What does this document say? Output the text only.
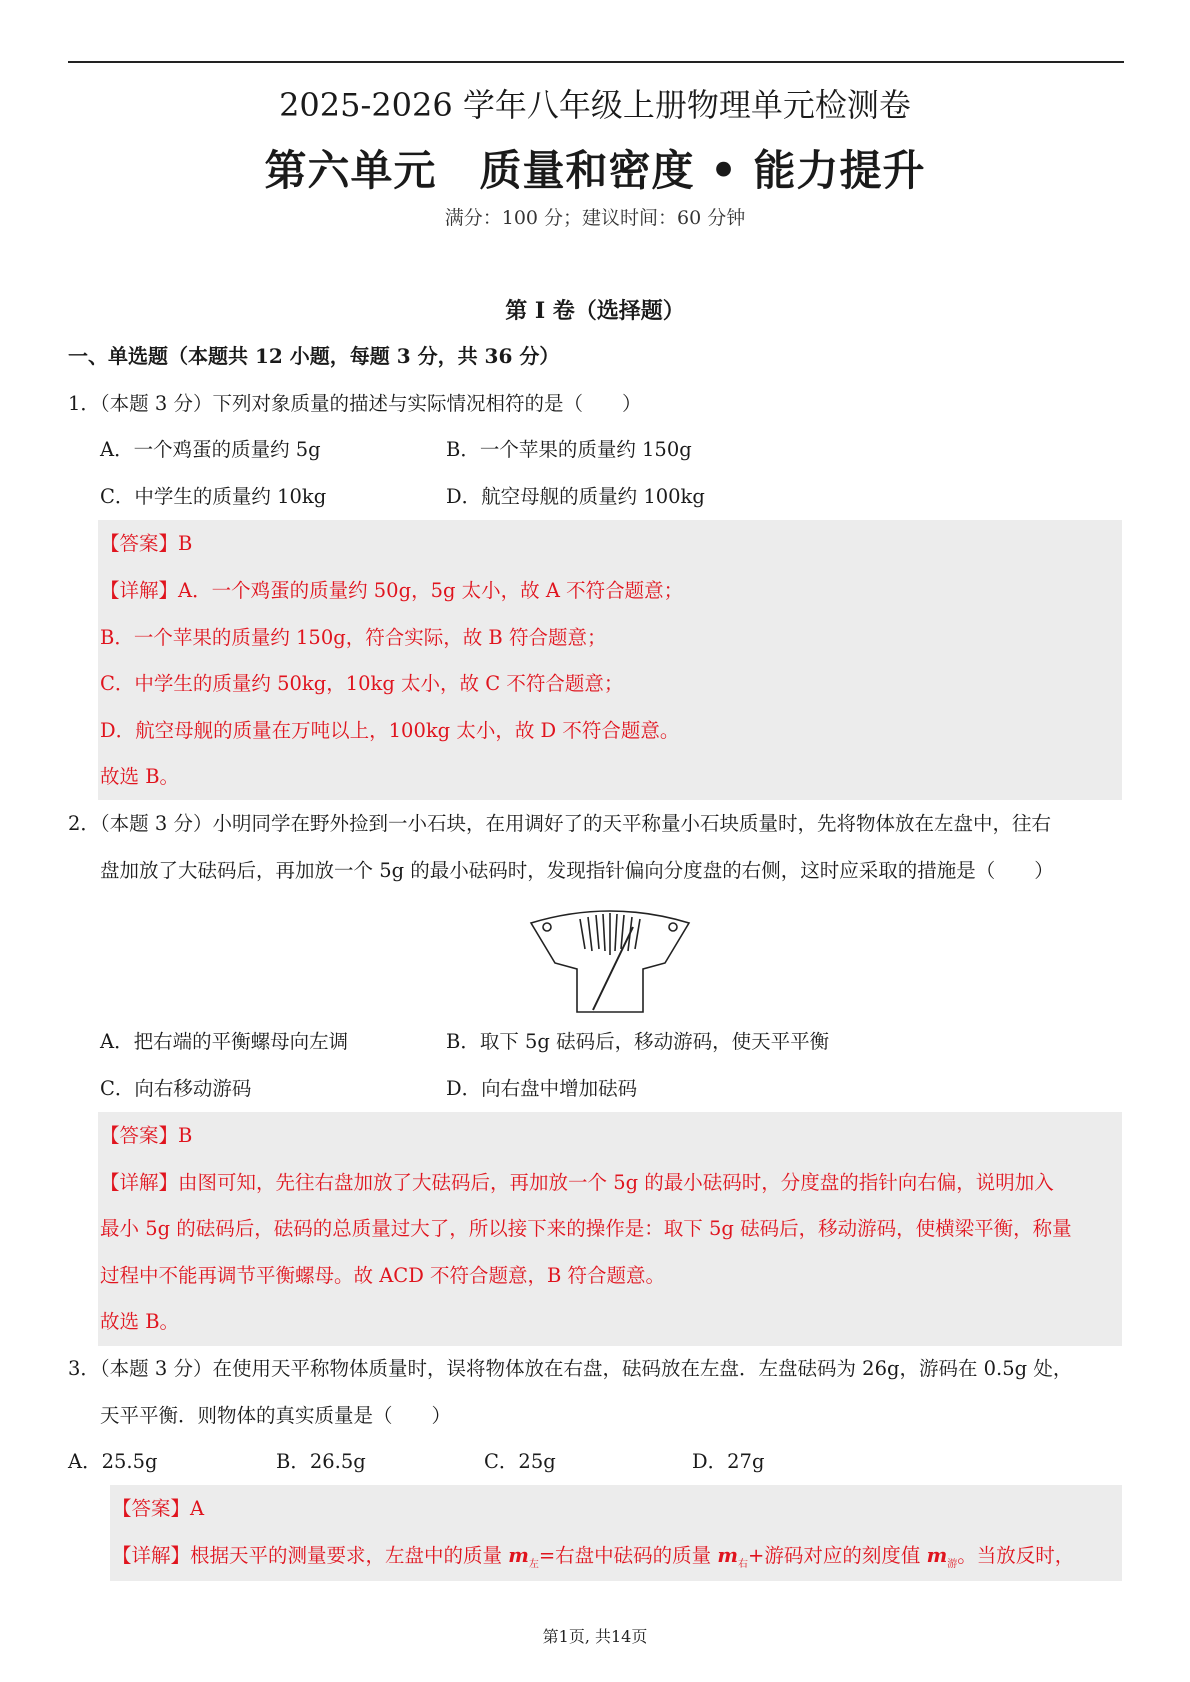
2025-2026 学年八年级上册物理单元检测卷
第六单元　质量和密度 • 能力提升
满分：100 分；建议时间：60 分钟
第 I 卷（选择题）
一、单选题（本题共 12 小题，每题 3 分，共 36 分）
1．（本题 3 分）下列对象质量的描述与实际情况相符的是（　　）
A．一个鸡蛋的质量约 5g	B．一个苹果的质量约 150g
C．中学生的质量约 10kg	D．航空母舰的质量约 100kg
【答案】B
【详解】A．一个鸡蛋的质量约 50g，5g 太小，故 A 不符合题意；
B．一个苹果的质量约 150g，符合实际，故 B 符合题意；
C．中学生的质量约 50kg，10kg 太小，故 C 不符合题意；
D．航空母舰的质量在万吨以上，100kg 太小，故 D 不符合题意。
故选 B。
2．（本题 3 分）小明同学在野外捡到一小石块，在用调好了的天平称量小石块质量时，先将物体放在左盘中，往右
盘加放了大砝码后，再加放一个 5g 的最小砝码时，发现指针偏向分度盘的右侧，这时应采取的措施是（　　）
A．把右端的平衡螺母向左调	B．取下 5g 砝码后，移动游码，使天平平衡
C．向右移动游码	D．向右盘中增加砝码
【答案】B
【详解】由图可知，先往右盘加放了大砝码后，再加放一个 5g 的最小砝码时，分度盘的指针向右偏，说明加入
最小 5g 的砝码后，砝码的总质量过大了，所以接下来的操作是：取下 5g 砝码后，移动游码，使横梁平衡，称量
过程中不能再调节平衡螺母。故 ACD 不符合题意，B 符合题意。
故选 B。
3．（本题 3 分）在使用天平称物体质量时，误将物体放在右盘，砝码放在左盘．左盘砝码为 26g，游码在 0.5g 处，
天平平衡．则物体的真实质量是（　　）
A．25.5g	B．26.5g	C．25g	D．27g
【答案】A
【详解】根据天平的测量要求，左盘中的质量 $m_左=$右盘中砝码的质量 $m_右+$游码对应的刻度值 $m_游$。当放反时，
第1页, 共14页
